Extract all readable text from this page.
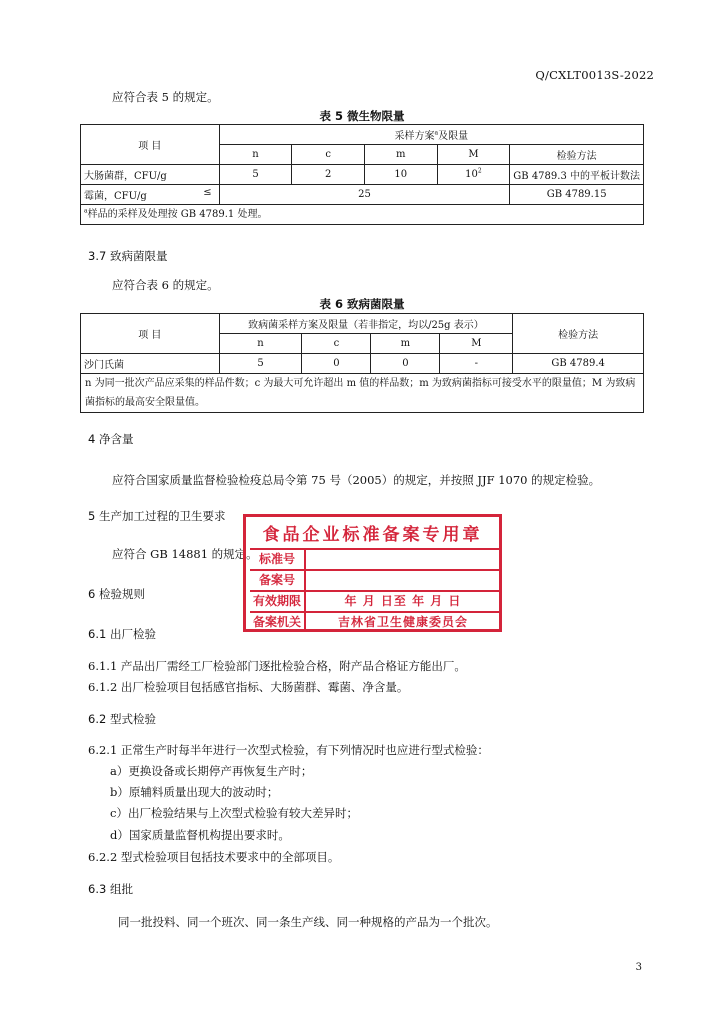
Q/CXLT0013S-2022
应符合表 5 的规定。
表 5 微生物限量
项 目	采样方案$^a$及限量				
	n	c	m	M	检验方法
大肠菌群，CFU/g	5	2	10	$10^2$	GB 4789.3 中的平板计数法
霉菌，CFU/g ≤	25				GB 4789.15
$^a$样品的采样及处理按 GB 4789.1 处理。					
3.7 致病菌限量
应符合表 6 的规定。
表 6 致病菌限量
项 目	致病菌采样方案及限量（若非指定，均以/25g 表示）				检验方法
	n	c	m	M	
沙门氏菌	5	0	0	-	GB 4789.4
n 为同一批次产品应采集的样品件数；c 为最大可允许超出 m 值的样品数；m 为致病菌指标可接受水平的限量值；M 为致病菌指标的最高安全限量值。					
4 净含量
应符合国家质量监督检验检疫总局令第 75 号（2005）的规定，并按照 JJF 1070 的规定检验。
5 生产加工过程的卫生要求
应符合 GB 14881 的规定。
食品企业标准备案专用章
标准号
备案号
有效期限	年 月 日至 年 月 日
备案机关	吉林省卫生健康委员会
6 检验规则
6.1 出厂检验
6.1.1 产品出厂需经工厂检验部门逐批检验合格，附产品合格证方能出厂。
6.1.2 出厂检验项目包括感官指标、大肠菌群、霉菌、净含量。
6.2 型式检验
6.2.1 正常生产时每半年进行一次型式检验，有下列情况时也应进行型式检验：
a）更换设备或长期停产再恢复生产时；
b）原辅料质量出现大的波动时；
c）出厂检验结果与上次型式检验有较大差异时；
d）国家质量监督机构提出要求时。
6.2.2 型式检验项目包括技术要求中的全部项目。
6.3 组批
同一批投料、同一个班次、同一条生产线、同一种规格的产品为一个批次。
3
